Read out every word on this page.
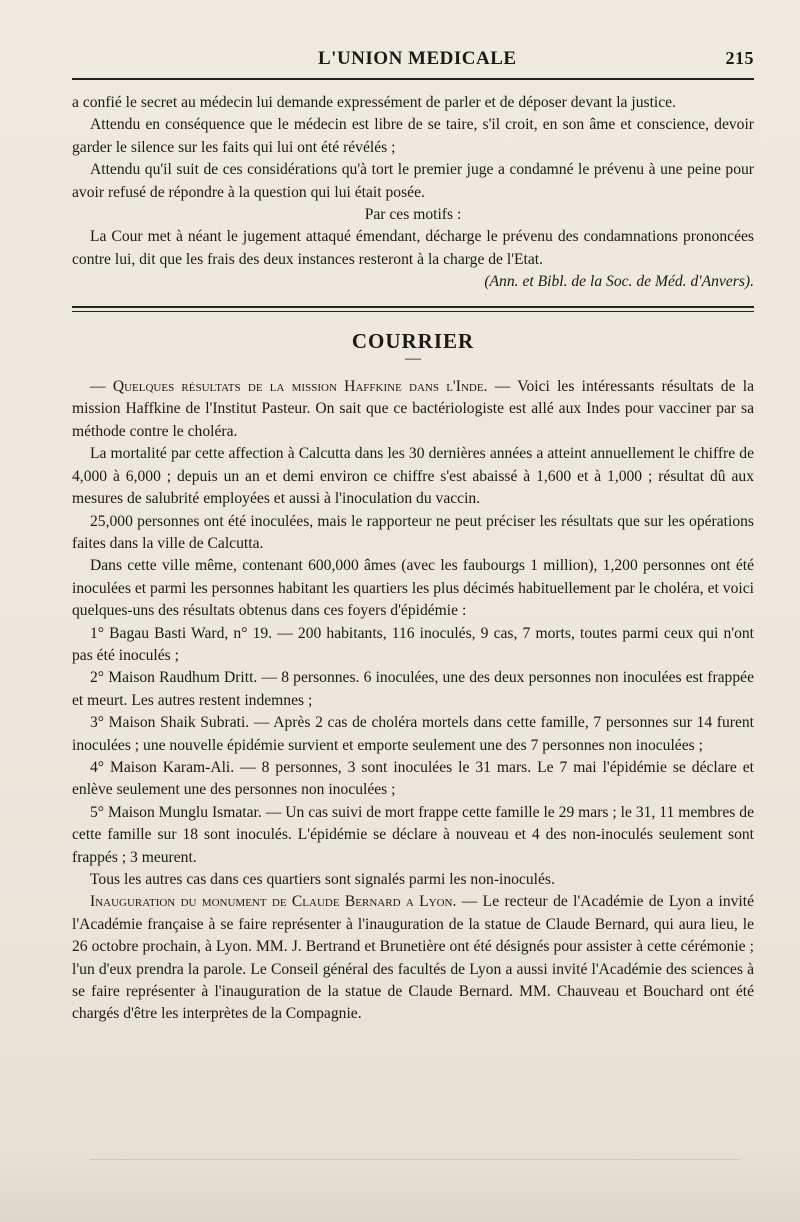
L'UNION MEDICALE	215

a confié le secret au médecin lui demande expressément de parler et de déposer devant la justice.

Attendu en conséquence que le médecin est libre de se taire, s'il croit, en son âme et conscience, devoir garder le silence sur les faits qui lui ont été révélés ;

Attendu qu'il suit de ces considérations qu'à tort le premier juge a condamné le prévenu à une peine pour avoir refusé de répondre à la question qui lui était posée.

Par ces motifs :

La Cour met à néant le jugement attaqué émendant, décharge le prévenu des condamnations prononcées contre lui, dit que les frais des deux instances resteront à la charge de l'Etat.

(Ann. et Bibl. de la Soc. de Méd. d'Anvers).

COURRIER
—

— Quelques résultats de la mission Haffkine dans l'Inde. — Voici les intéressants résultats de la mission Haffkine de l'Institut Pasteur. On sait que ce bactériologiste est allé aux Indes pour vacciner par sa méthode contre le choléra.

La mortalité par cette affection à Calcutta dans les 30 dernières années a atteint annuellement le chiffre de 4,000 à 6,000 ; depuis un an et demi environ ce chiffre s'est abaissé à 1,600 et à 1,000 ; résultat dû aux mesures de salubrité employées et aussi à l'inoculation du vaccin.

25,000 personnes ont été inoculées, mais le rapporteur ne peut préciser les résultats que sur les opérations faites dans la ville de Calcutta.

Dans cette ville même, contenant 600,000 âmes (avec les faubourgs 1 million), 1,200 personnes ont été inoculées et parmi les personnes habitant les quartiers les plus décimés habituellement par le choléra, et voici quelques-uns des résultats obtenus dans ces foyers d'épidémie :

1° Bagau Basti Ward, n° 19. — 200 habitants, 116 inoculés, 9 cas, 7 morts, toutes parmi ceux qui n'ont pas été inoculés ;

2° Maison Raudhum Dritt. — 8 personnes. 6 inoculées, une des deux personnes non inoculées est frappée et meurt. Les autres restent indemnes ;

3° Maison Shaik Subrati. — Après 2 cas de choléra mortels dans cette famille, 7 personnes sur 14 furent inoculées ; une nouvelle épidémie survient et emporte seulement une des 7 personnes non inoculées ;

4° Maison Karam-Ali. — 8 personnes, 3 sont inoculées le 31 mars. Le 7 mai l'épidémie se déclare et enlève seulement une des personnes non inoculées ;

5° Maison Munglu Ismatar. — Un cas suivi de mort frappe cette famille le 29 mars ; le 31, 11 membres de cette famille sur 18 sont inoculés. L'épidémie se déclare à nouveau et 4 des non-inoculés seulement sont frappés ; 3 meurent.

Tous les autres cas dans ces quartiers sont signalés parmi les non-inoculés.

Inauguration du monument de Claude Bernard a Lyon. — Le recteur de l'Académie de Lyon a invité l'Académie française à se faire représenter à l'inauguration de la statue de Claude Bernard, qui aura lieu, le 26 octobre prochain, à Lyon. MM. J. Bertrand et Brunetière ont été désignés pour assister à cette cérémonie ; l'un d'eux prendra la parole. Le Conseil général des facultés de Lyon a aussi invité l'Académie des sciences à se faire représenter à l'inauguration de la statue de Claude Bernard. MM. Chauveau et Bouchard ont été chargés d'être les interprètes de la Compagnie.
